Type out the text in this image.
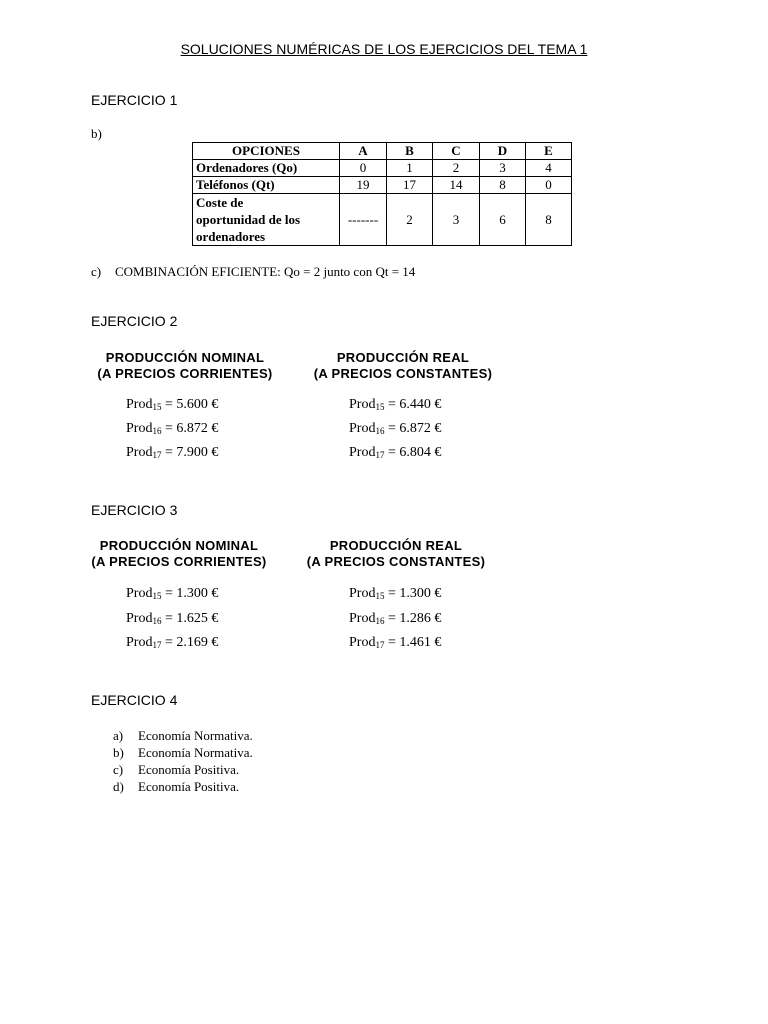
SOLUCIONES NUMÉRICAS DE LOS EJERCICIOS DEL TEMA 1
EJERCICIO 1
b)
OPCIONES	A	B	C	D	E
Ordenadores (Qo)	0	1	2	3	4
Teléfonos (Qt)	19	17	14	8	0

Coste de
oportunidad de los
ordenadores	-------	2	3	6	8
c) COMBINACIÓN EFICIENTE: Qo = 2 junto con Qt = 14
EJERCICIO 2
PRODUCCIÓN NOMINAL
(A PRECIOS CORRIENTES)
PRODUCCIÓN REAL
(A PRECIOS CONSTANTES)
Prod$_{15}$ = 5.600 €
Prod$_{16}$ = 6.872 €
Prod$_{17}$ = 7.900 €
Prod$_{15}$ = 6.440 €
Prod$_{16}$ = 6.872 €
Prod$_{17}$ = 6.804 €
EJERCICIO 3
PRODUCCIÓN NOMINAL
(A PRECIOS CORRIENTES)
PRODUCCIÓN REAL
(A PRECIOS CONSTANTES)
Prod$_{15}$ = 1.300 €
Prod$_{16}$ = 1.625 €
Prod$_{17}$ = 2.169 €
Prod$_{15}$ = 1.300 €
Prod$_{16}$ = 1.286 €
Prod$_{17}$ = 1.461 €
EJERCICIO 4
a)	Economía Normativa.
b)	Economía Normativa.
c)	Economía Positiva.
d)	Economía Positiva.
